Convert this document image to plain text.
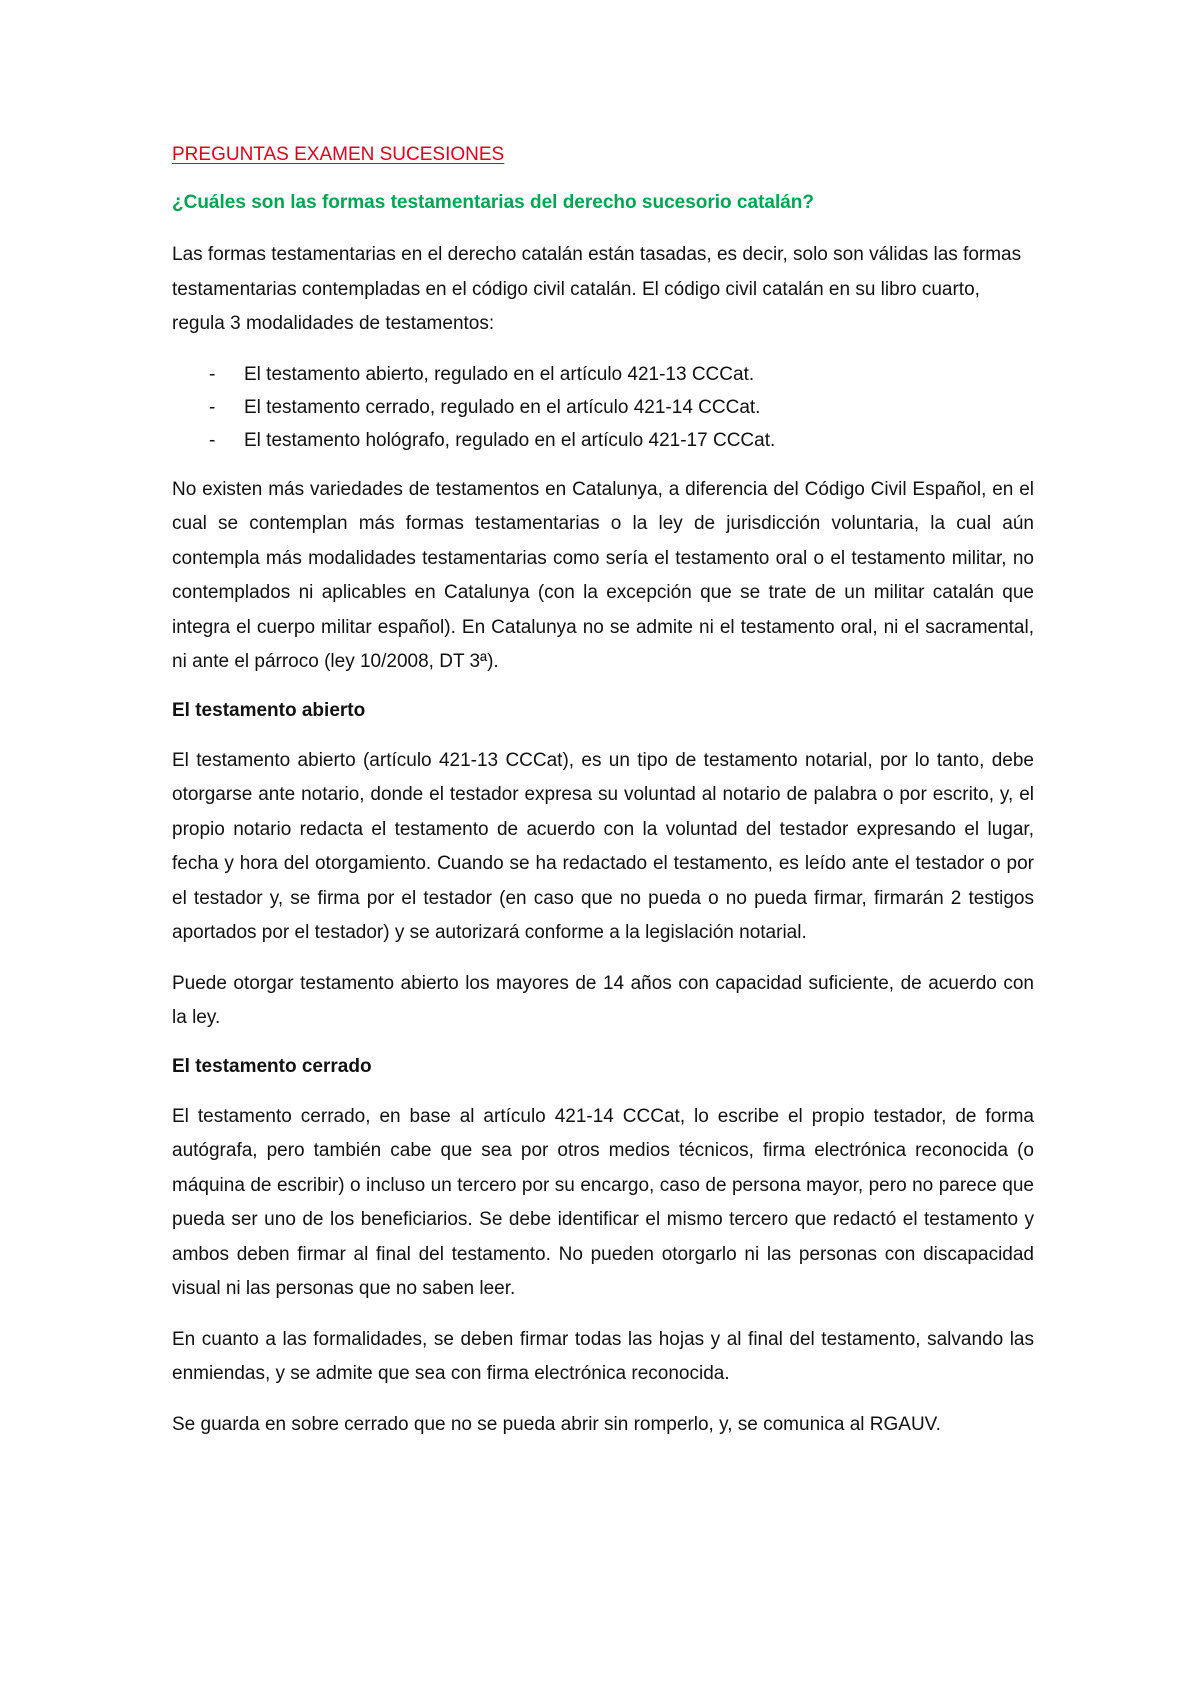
PREGUNTAS EXAMEN SUCESIONES
¿Cuáles son las formas testamentarias del derecho sucesorio catalán?

Las formas testamentarias en el derecho catalán están tasadas, es decir, solo son válidas las formas testamentarias contempladas en el código civil catalán. El código civil catalán en su libro cuarto, regula 3 modalidades de testamentos:

- El testamento abierto, regulado en el artículo 421-13 CCCat.
- El testamento cerrado, regulado en el artículo 421-14 CCCat.
- El testamento hológrafo, regulado en el artículo 421-17 CCCat.

No existen más variedades de testamentos en Catalunya, a diferencia del Código Civil Español, en el cual se contemplan más formas testamentarias o la ley de jurisdicción voluntaria, la cual aún contempla más modalidades testamentarias como sería el testamento oral o el testamento militar, no contemplados ni aplicables en Catalunya (con la excepción que se trate de un militar catalán que integra el cuerpo militar español). En Catalunya no se admite ni el testamento oral, ni el sacramental, ni ante el párroco (ley 10/2008, DT 3ª).

El testamento abierto

El testamento abierto (artículo 421-13 CCCat), es un tipo de testamento notarial, por lo tanto, debe otorgarse ante notario, donde el testador expresa su voluntad al notario de palabra o por escrito, y, el propio notario redacta el testamento de acuerdo con la voluntad del testador expresando el lugar, fecha y hora del otorgamiento. Cuando se ha redactado el testamento, es leído ante el testador o por el testador y, se firma por el testador (en caso que no pueda o no pueda firmar, firmarán 2 testigos aportados por el testador) y se autorizará conforme a la legislación notarial.

Puede otorgar testamento abierto los mayores de 14 años con capacidad suficiente, de acuerdo con la ley.

El testamento cerrado

El testamento cerrado, en base al artículo 421-14 CCCat, lo escribe el propio testador, de forma autógrafa, pero también cabe que sea por otros medios técnicos, firma electrónica reconocida (o máquina de escribir) o incluso un tercero por su encargo, caso de persona mayor, pero no parece que pueda ser uno de los beneficiarios. Se debe identificar el mismo tercero que redactó el testamento y ambos deben firmar al final del testamento. No pueden otorgarlo ni las personas con discapacidad visual ni las personas que no saben leer.

En cuanto a las formalidades, se deben firmar todas las hojas y al final del testamento, salvando las enmiendas, y se admite que sea con firma electrónica reconocida.

Se guarda en sobre cerrado que no se pueda abrir sin romperlo, y, se comunica al RGAUV.
